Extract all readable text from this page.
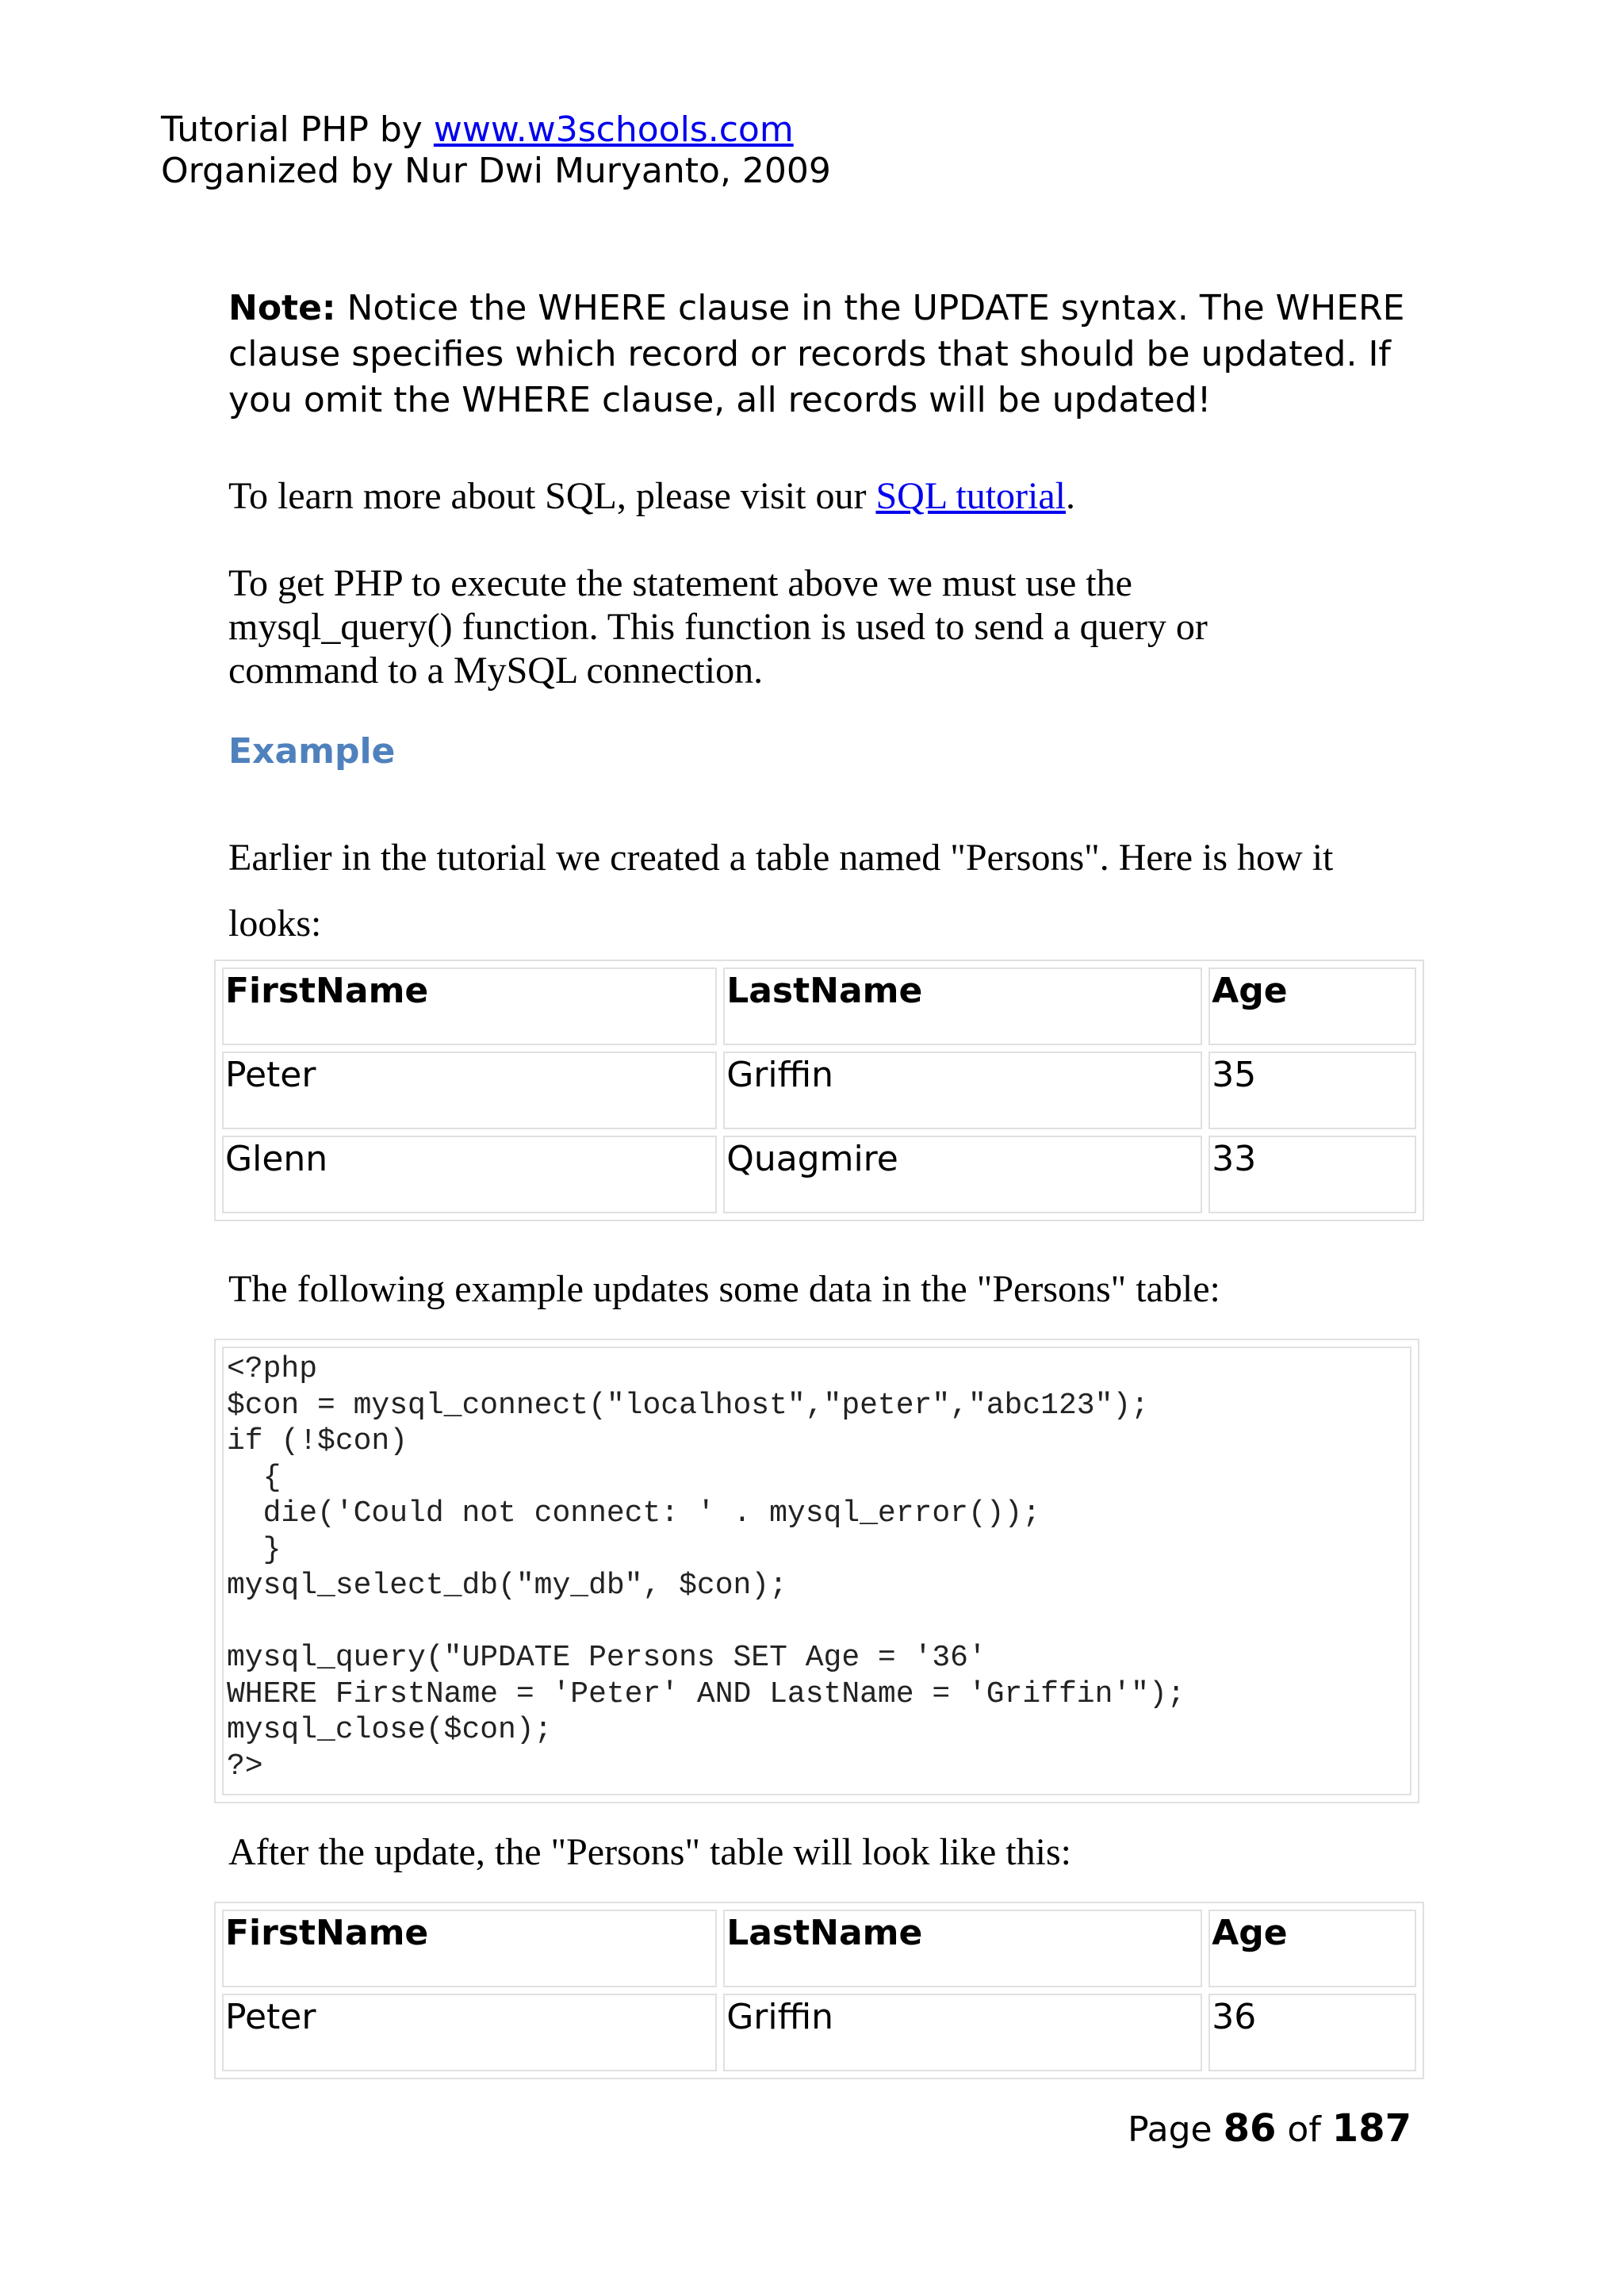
Tutorial PHP by www.w3schools.com
Organized by Nur Dwi Muryanto, 2009

Note: Notice the WHERE clause in the UPDATE syntax. The WHERE clause specifies which record or records that should be updated. If you omit the WHERE clause, all records will be updated!

To learn more about SQL, please visit our SQL tutorial.

To get PHP to execute the statement above we must use the mysql_query() function. This function is used to send a query or command to a MySQL connection.

Example

Earlier in the tutorial we created a table named "Persons". Here is how it looks:

FirstName	LastName	Age
Peter	Griffin	35
Glenn	Quagmire	33

The following example updates some data in the "Persons" table:

<?php
$con = mysql_connect("localhost","peter","abc123");
if (!$con)
{
die('Could not connect: ' . mysql_error());
}
mysql_select_db("my_db", $con);

mysql_query("UPDATE Persons SET Age = '36'
WHERE FirstName = 'Peter' AND LastName = 'Griffin'");
mysql_close($con);
?>

After the update, the "Persons" table will look like this:

FirstName	LastName	Age
Peter	Griffin	36
Page 86 of 187
